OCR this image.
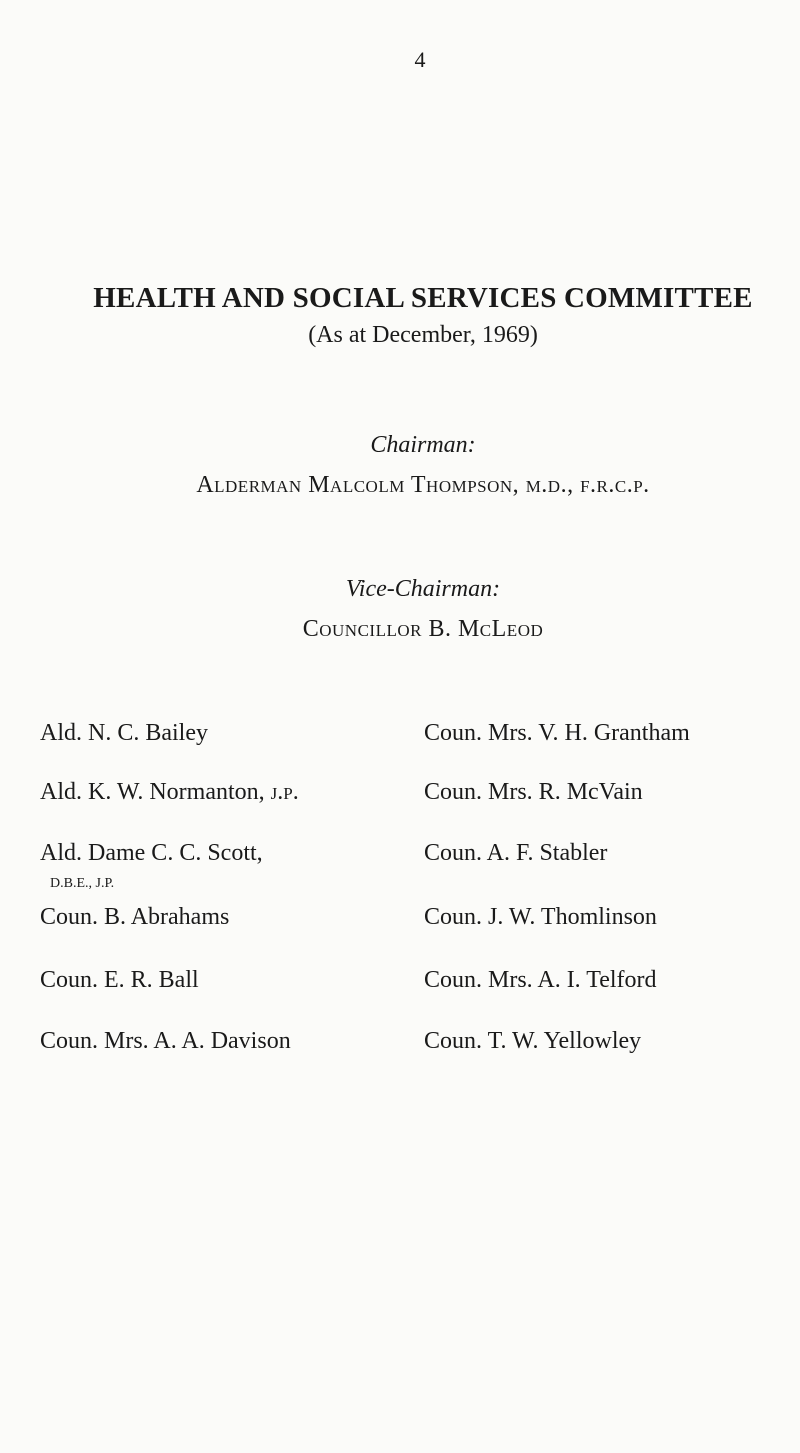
4
HEALTH AND SOCIAL SERVICES COMMITTEE
(As at December, 1969)
Chairman:
Alderman Malcolm Thompson, m.d., f.r.c.p.
Vice-Chairman:
Councillor B. McLeod
Ald. N. C. Bailey
Ald. K. W. Normanton, j.p.
Ald. Dame C. C. Scott,
D.B.E., J.P.
Coun. B. Abrahams
Coun. E. R. Ball
Coun. Mrs. A. A. Davison
Coun. Mrs. V. H. Grantham
Coun. Mrs. R. McVain
Coun. A. F. Stabler
Coun. J. W. Thomlinson
Coun. Mrs. A. I. Telford
Coun. T. W. Yellowley
